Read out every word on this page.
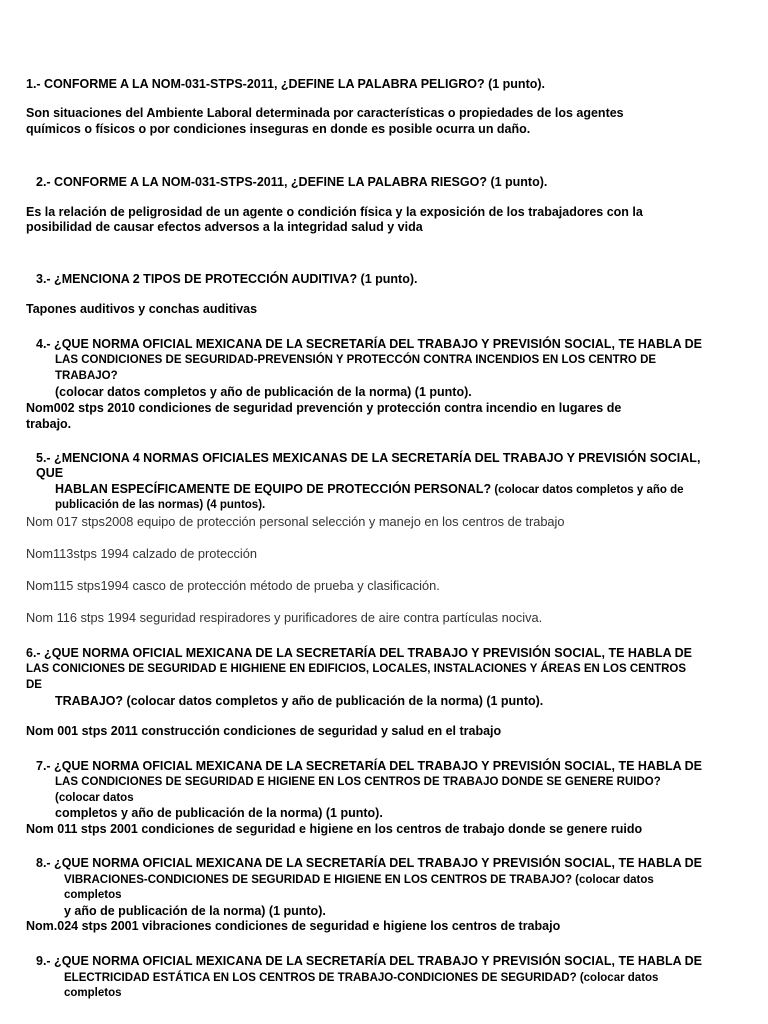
1.- CONFORME A LA NOM-031-STPS-2011, ¿DEFINE LA PALABRA PELIGRO? (1 punto).
Son situaciones del Ambiente Laboral determinada por características o propiedades de los agentes
químicos o físicos o por condiciones inseguras en donde es posible ocurra un daño.
2.- CONFORME A LA NOM-031-STPS-2011, ¿DEFINE LA PALABRA RIESGO? (1 punto).
Es la relación de peligrosidad de un agente o condición física y la exposición de los trabajadores con la
posibilidad de causar efectos adversos a la integridad salud y vida
3.- ¿MENCIONA 2 TIPOS DE PROTECCIÓN AUDITIVA? (1 punto).
Tapones auditivos y conchas auditivas
4.- ¿QUE NORMA OFICIAL MEXICANA DE LA SECRETARÍA DEL TRABAJO Y PREVISIÓN SOCIAL, TE HABLA DE
LAS CONDICIONES DE SEGURIDAD-PREVENSIÓN Y PROTECCÓN CONTRA INCENDIOS EN LOS CENTRO DE
TRABAJO?
(colocar datos completos y año de publicación de la norma) (1 punto).
Nom002 stps 2010 condiciones de seguridad prevención y protección contra incendio en lugares de
trabajo.
5.- ¿MENCIONA 4 NORMAS OFICIALES MEXICANAS DE LA SECRETARÍA DEL TRABAJO Y PREVISIÓN SOCIAL,
QUE
HABLAN ESPECÍFICAMENTE DE EQUIPO DE PROTECCIÓN PERSONAL? (colocar datos completos y año de
publicación de las normas) (4 puntos).
Nom 017 stps2008 equipo de protección personal selección y manejo en los centros de trabajo
Nom113stps 1994 calzado de protección
Nom115 stps1994 casco de protección método de prueba y clasificación.
Nom 116 stps 1994 seguridad respiradores y purificadores de aire contra partículas nociva.
6.- ¿QUE NORMA OFICIAL MEXICANA DE LA SECRETARÍA DEL TRABAJO Y PREVISIÓN SOCIAL, TE HABLA DE
LAS CONICIONES DE SEGURIDAD E HIGHIENE EN EDIFICIOS, LOCALES, INSTALACIONES Y ÁREAS EN LOS CENTROS
DE
TRABAJO? (colocar datos completos y año de publicación de la norma) (1 punto).
Nom 001 stps 2011 construcción condiciones de seguridad y salud en el trabajo
7.- ¿QUE NORMA OFICIAL MEXICANA DE LA SECRETARÍA DEL TRABAJO Y PREVISIÓN SOCIAL, TE HABLA DE
LAS CONDICIONES DE SEGURIDAD E HIGIENE EN LOS CENTROS DE TRABAJO DONDE SE GENERE RUIDO?
(colocar datos
completos y año de publicación de la norma) (1 punto).
Nom 011 stps 2001 condiciones de seguridad e higiene en los centros de trabajo donde se genere ruido
8.- ¿QUE NORMA OFICIAL MEXICANA DE LA SECRETARÍA DEL TRABAJO Y PREVISIÓN SOCIAL, TE HABLA DE
VIBRACIONES-CONDICIONES DE SEGURIDAD E HIGIENE EN LOS CENTROS DE TRABAJO? (colocar datos
completos
y año de publicación de la norma) (1 punto).
Nom.024 stps 2001 vibraciones condiciones de seguridad e higiene los centros de trabajo
9.- ¿QUE NORMA OFICIAL MEXICANA DE LA SECRETARÍA DEL TRABAJO Y PREVISIÓN SOCIAL, TE HABLA DE
ELECTRICIDAD ESTÁTICA EN LOS CENTROS DE TRABAJO-CONDICIONES DE SEGURIDAD? (colocar datos
completos
